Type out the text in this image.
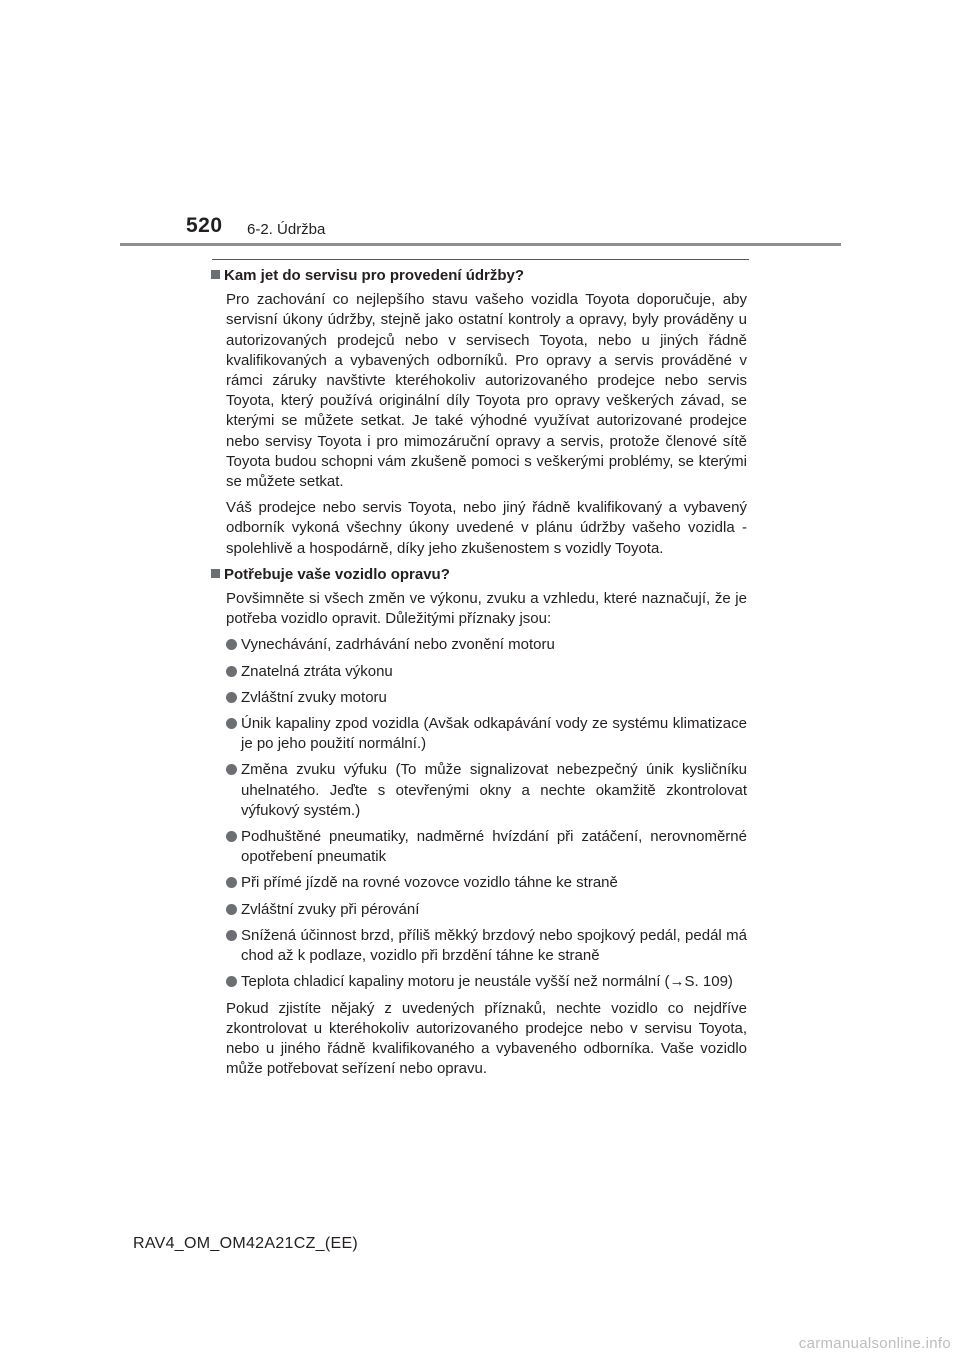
520 6-2. Údržba
Kam jet do servisu pro provedení údržby?

Pro zachování co nejlepšího stavu vašeho vozidla Toyota doporučuje, aby servisní úkony údržby, stejně jako ostatní kontroly a opravy, byly prováděny u autorizovaných prodejců nebo v servisech Toyota, nebo u jiných řádně kvalifikovaných a vybavených odborníků. Pro opravy a servis prováděné v rámci záruky navštivte kteréhokoliv autorizovaného prodejce nebo servis Toyota, který používá originální díly Toyota pro opravy veškerých závad, se kterými se můžete setkat. Je také výhodné využívat autorizované prodejce nebo servisy Toyota i pro mimozáruční opravy a servis, protože členové sítě Toyota budou schopni vám zkušeně pomoci s veškerými problémy, se kterými se můžete setkat.

Váš prodejce nebo servis Toyota, nebo jiný řádně kvalifikovaný a vybavený odborník vykoná všechny úkony uvedené v plánu údržby vašeho vozidla - spolehlivě a hospodárně, díky jeho zkušenostem s vozidly Toyota.

Potřebuje vaše vozidlo opravu?

Povšimněte si všech změn ve výkonu, zvuku a vzhledu, které naznačují, že je potřeba vozidlo opravit. Důležitými příznaky jsou:

Vynechávání, zadrhávání nebo zvonění motoru
Znatelná ztráta výkonu
Zvláštní zvuky motoru
Únik kapaliny zpod vozidla (Avšak odkapávání vody ze systému klimatizace je po jeho použití normální.)
Změna zvuku výfuku (To může signalizovat nebezpečný únik kysličníku uhelnatého. Jeďte s otevřenými okny a nechte okamžitě zkontrolovat výfukový systém.)
Podhuštěné pneumatiky, nadměrné hvízdání při zatáčení, nerovnoměrné opotřebení pneumatik
Při přímé jízdě na rovné vozovce vozidlo táhne ke straně
Zvláštní zvuky při pérování
Snížená účinnost brzd, příliš měkký brzdový nebo spojkový pedál, pedál má chod až k podlaze, vozidlo při brzdění táhne ke straně
Teplota chladicí kapaliny motoru je neustále vyšší než normální (→S. 109)

Pokud zjistíte nějaký z uvedených příznaků, nechte vozidlo co nejdříve zkontrolovat u kteréhokoliv autorizovaného prodejce nebo v servisu Toyota, nebo u jiného řádně kvalifikovaného a vybaveného odborníka. Vaše vozidlo může potřebovat seřízení nebo opravu.

RAV4_OM_OM42A21CZ_(EE)
carmanualsonline.info
